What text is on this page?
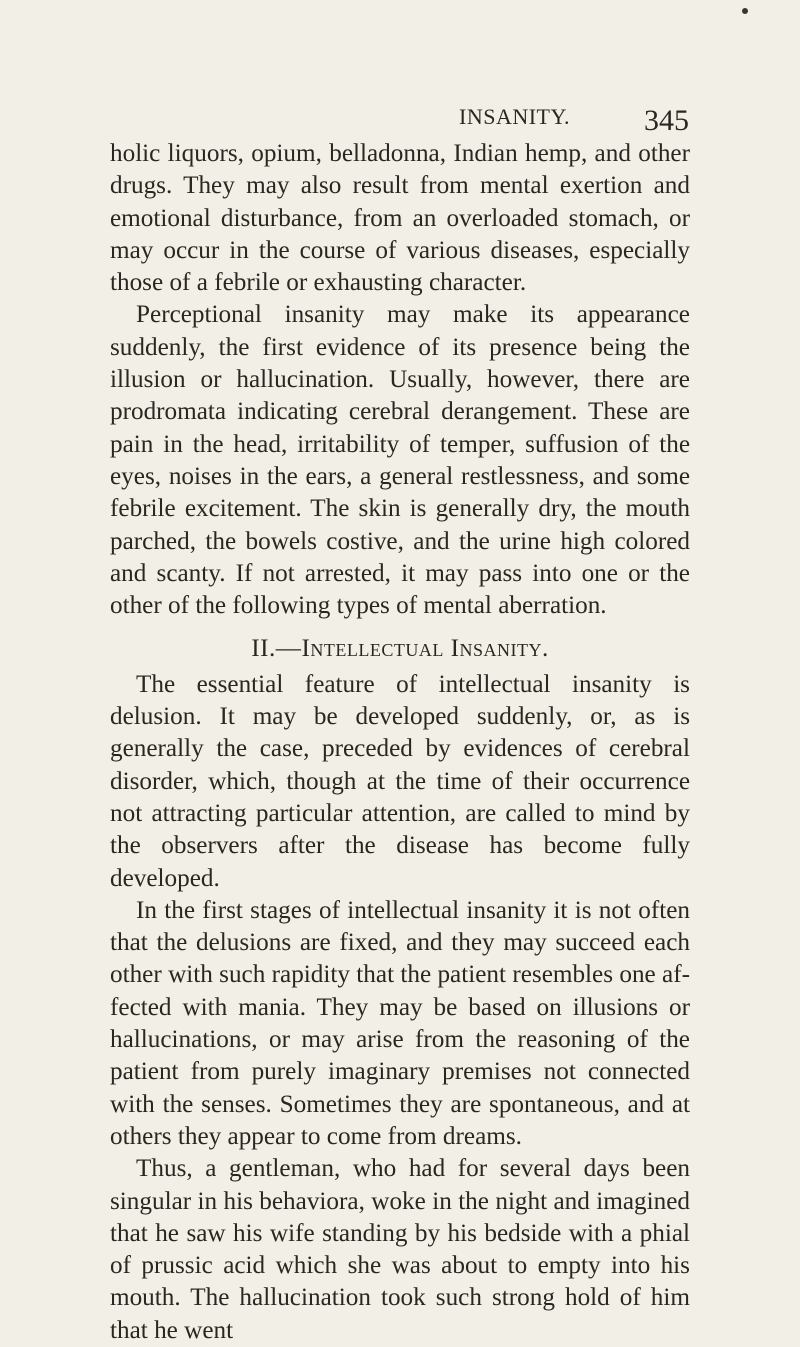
INSANITY. 345

holic liquors, opium, belladonna, Indian hemp, and other drugs. They may also result from mental exertion and emotional disturbance, from an overloaded stomach, or may occur in the course of various diseases, especially those of a febrile or exhausting character.

Perceptional insanity may make its appearance suddenly, the first evidence of its presence being the illusion or hallucination. Usually, however, there are prodromata indicating cerebral derangement. These are pain in the head, irritability of temper, suffusion of the eyes, noises in the ears, a general restlessness, and some febrile excitement. The skin is generally dry, the mouth parched, the bowels costive, and the urine high colored and scanty. If not arrested, it may pass into one or the other of the following types of mental aberration.

II.—Intellectual Insanity.

The essential feature of intellectual insanity is delusion. It may be developed suddenly, or, as is generally the case, preceded by evidences of cerebral disorder, which, though at the time of their occurrence not attracting particular attention, are called to mind by the observers after the disease has become fully developed.

In the first stages of intellectual insanity it is not often that the delusions are fixed, and they may succeed each other with such rapidity that the patient resembles one affected with mania. They may be based on illusions or hallucinations, or may arise from the reasoning of the patient from purely imaginary premises not connected with the senses. Sometimes they are spontaneous, and at others they appear to come from dreams.

Thus, a gentleman, who had for several days been singular in his behaviora, woke in the night and imagined that he saw his wife standing by his bedside with a phial of prussic acid which she was about to empty into his mouth. The hallucination took such strong hold of him that he went
